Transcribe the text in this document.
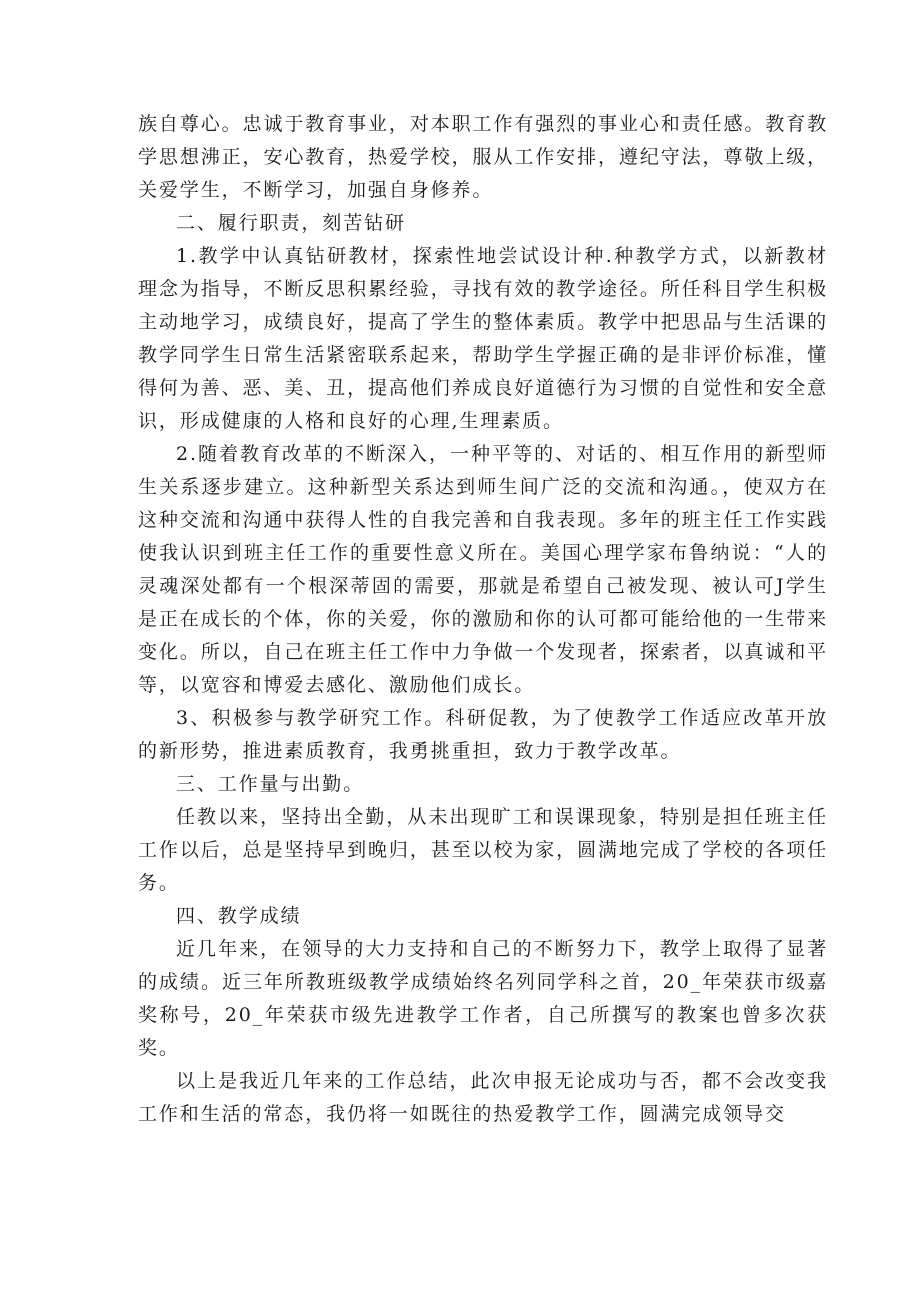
族自尊心。忠诚于教育事业，对本职工作有强烈的事业心和责任感。教育教学思想沸正，安心教育，热爱学校，服从工作安排，遵纪守法，尊敬上级，关爱学生，不断学习，加强自身修养。

二、履行职责，刻苦钻研

1.教学中认真钻研教材，探索性地尝试设计种.种教学方式，以新教材理念为指导，不断反思积累经验，寻找有效的教学途径。所任科目学生积极主动地学习，成绩良好，提高了学生的整体素质。教学中把思品与生活课的教学同学生日常生活紧密联系起来，帮助学生学握正确的是非评价标准，懂得何为善、恶、美、丑，提高他们养成良好道德行为习惯的自觉性和安全意识，形成健康的人格和良好的心理,生理素质。

2.随着教育改革的不断深入，一种平等的、对话的、相互作用的新型师生关系逐步建立。这种新型关系达到师生间广泛的交流和沟通。，使双方在这种交流和沟通中获得人性的自我完善和自我表现。多年的班主任工作实践使我认识到班主任工作的重要性意义所在。美国心理学家布鲁纳说：“人的灵魂深处都有一个根深蒂固的需要，那就是希望自己被发现、被认可J学生是正在成长的个体，你的关爱，你的激励和你的认可都可能给他的一生带来变化。所以，自己在班主任工作中力争做一个发现者，探索者，以真诚和平等，以宽容和博爱去感化、激励他们成长。

3、积极参与教学研究工作。科研促教，为了使教学工作适应改革开放的新形势，推进素质教育，我勇挑重担，致力于教学改革。

三、工作量与出勤。

任教以来，坚持出全勤，从未出现旷工和误课现象，特别是担任班主任工作以后，总是坚持早到晚归，甚至以校为家，圆满地完成了学校的各项任务。

四、教学成绩

近几年来，在领导的大力支持和自己的不断努力下，教学上取得了显著的成绩。近三年所教班级教学成绩始终名列同学科之首，20_年荣获市级嘉奖称号，20_年荣获市级先进教学工作者，自己所撰写的教案也曾多次获奖。

以上是我近几年来的工作总结，此次申报无论成功与否，都不会改变我工作和生活的常态，我仍将一如既往的热爱教学工作，圆满完成领导交
